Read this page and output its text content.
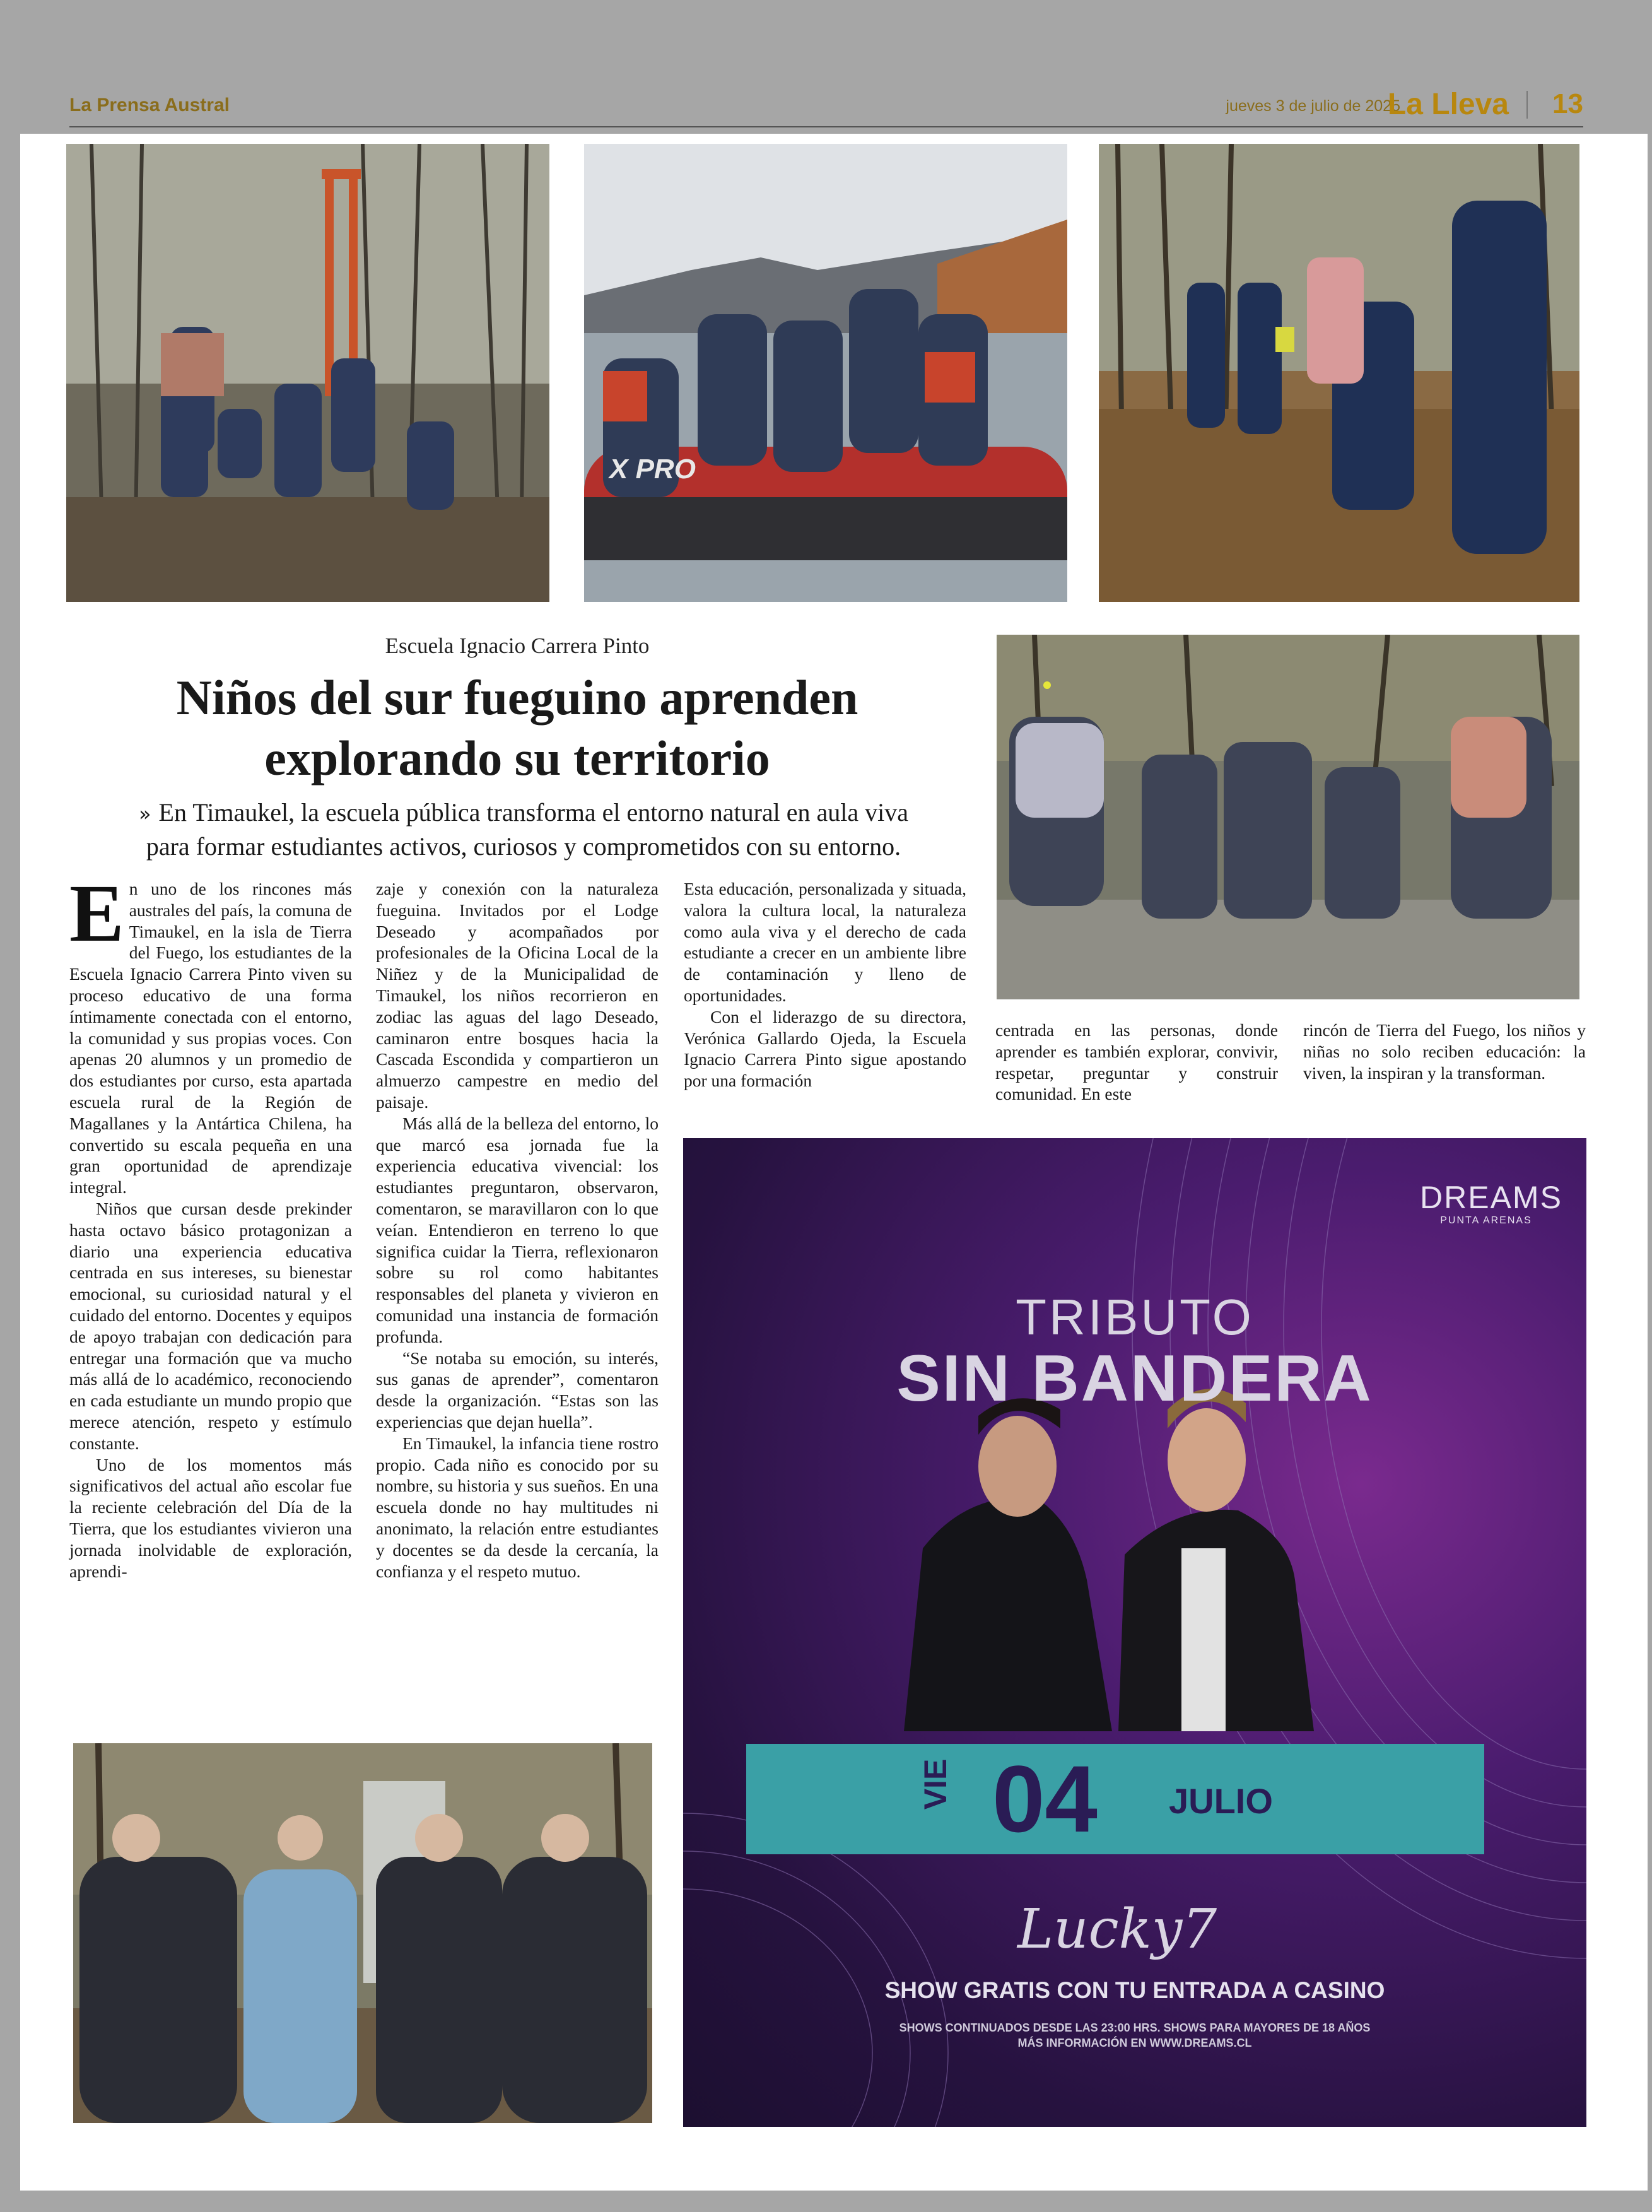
La Prensa Austral	jueves 3 de julio de 2025
La Lleva 13
X PRO
Escuela Ignacio Carrera Pinto
Niños del sur fueguino aprenden
explorando su territorio
» En Timaukel, la escuela pública transforma el entorno natural en aula viva
para formar estudiantes activos, curiosos y comprometidos con su entorno.

En uno de los rincones más australes del país, la comuna de Timaukel, en la isla de Tierra del Fuego, los estudiantes de la Escuela Ignacio Carrera Pinto viven su proceso educativo de una forma íntimamente conectada con el entorno, la comunidad y sus propias voces. Con apenas 20 alumnos y un promedio de dos estudiantes por curso, esta apartada escuela rural de la Región de Magallanes y la Antártica Chilena, ha convertido su escala pequeña en una gran oportunidad de aprendizaje integral.

Niños que cursan desde prekinder hasta octavo básico protagonizan a diario una experiencia educativa centrada en sus intereses, su bienestar emocional, su curiosidad natural y el cuidado del entorno. Docentes y equipos de apoyo trabajan con dedicación para entregar una formación que va mucho más allá de lo académico, reconociendo en cada estudiante un mundo propio que merece atención, respeto y estímulo constante.

Uno de los momentos más significativos del actual año escolar fue la reciente celebración del Día de la Tierra, que los estudiantes vivieron una jornada inolvidable de exploración, aprendi-

zaje y conexión con la naturaleza fueguina. Invitados por el Lodge Deseado y acompañados por profesionales de la Oficina Local de la Niñez y de la Municipalidad de Timaukel, los niños recorrieron en zodiac las aguas del lago Deseado, caminaron entre bosques hacia la Cascada Escondida y compartieron un almuerzo campestre en medio del paisaje.

Más allá de la belleza del entorno, lo que marcó esa jornada fue la experiencia educativa vivencial: los estudiantes preguntaron, observaron, comentaron, se maravillaron con lo que veían. Entendieron en terreno lo que significa cuidar la Tierra, reflexionaron sobre su rol como habitantes responsables del planeta y vivieron en comunidad una instancia de formación profunda.

“Se notaba su emoción, su interés, sus ganas de aprender”, comentaron desde la organización. “Estas son las experiencias que dejan huella”.

En Timaukel, la infancia tiene rostro propio. Cada niño es conocido por su nombre, su historia y sus sueños. En una escuela donde no hay multitudes ni anonimato, la relación entre estudiantes y docentes se da desde la cercanía, la confianza y el respeto mutuo.

Esta educación, personalizada y situada, valora la cultura local, la naturaleza como aula viva y el derecho de cada estudiante a crecer en un ambiente libre de contaminación y lleno de oportunidades.

Con el liderazgo de su directora, Verónica Gallardo Ojeda, la Escuela Ignacio Carrera Pinto sigue apostando por una formación

centrada en las personas, donde aprender es también explorar, convivir, respetar, preguntar y construir comunidad. En este

rincón de Tierra del Fuego, los niños y niñas no solo reciben educación: la viven, la inspiran y la transforman.

DREAMS
PUNTA ARENAS
TRIBUTO
SIN BANDERA
VIE 04 JULIO
Lucky7
SHOW GRATIS CON TU ENTRADA A CASINO
SHOWS CONTINUADOS DESDE LAS 23:00 HRS. SHOWS PARA MAYORES DE 18 AÑOS
MÁS INFORMACIÓN EN WWW.DREAMS.CL
